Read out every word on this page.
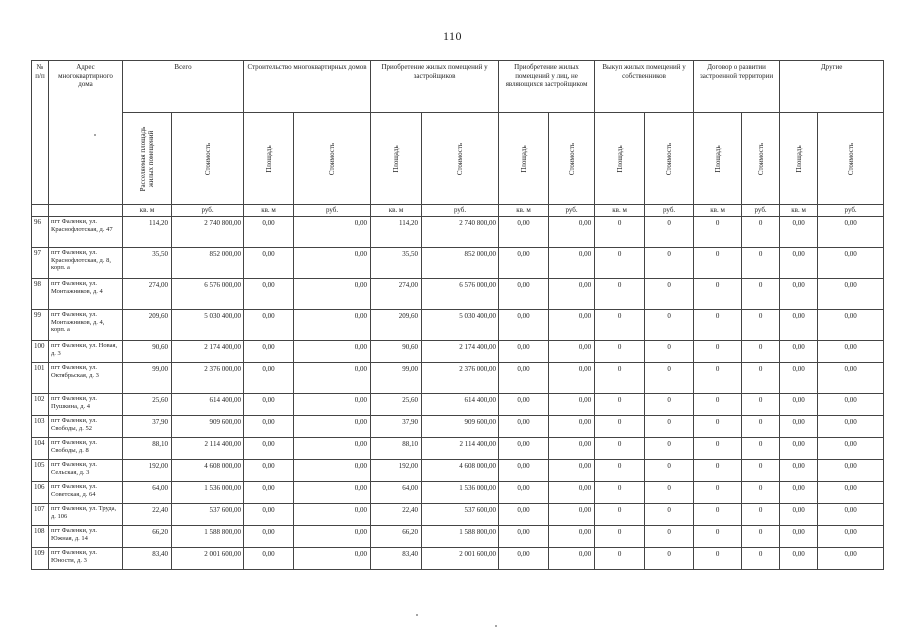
110
№
п/п	Адрес многоквартирного дома	Всего		Строительство многоквартирных домов		Приобретение жилых помещений у застройщиков		Приобретение жилых помещений у лиц, не являющихся застройщиком		Выкуп жилых помещений у собственников		Договор о развитии застроенной территории		Другие	

		Расселяемая площадь жилых помещений	Стоимость	Площадь	Стоимость	Площадь	Стоимость	Площадь	Стоимость	Площадь	Стоимость	Площадь	Стоимость	Площадь	Стоимость

		кв. м	руб.	кв. м	руб.	кв. м	руб.	кв. м	руб.	кв. м	руб.	кв. м	руб.	кв. м	руб.
96	пгт Фаленки, ул. Краснофлотская, д. 47	114,20	2 740 800,00	0,00	0,00	114,20	2 740 800,00	0,00	0,00	0	0	0	0	0,00	0,00
97	пгт Фаленки, ул. Краснофлотская, д. 8, корп. а	35,50	852 000,00	0,00	0,00	35,50	852 000,00	0,00	0,00	0	0	0	0	0,00	0,00
98	пгт Фаленки, ул. Монтажников, д. 4	274,00	6 576 000,00	0,00	0,00	274,00	6 576 000,00	0,00	0,00	0	0	0	0	0,00	0,00
99	пгт Фаленки, ул. Монтажников, д. 4, корп. а	209,60	5 030 400,00	0,00	0,00	209,60	5 030 400,00	0,00	0,00	0	0	0	0	0,00	0,00
100	пгт Фаленки, ул. Новая, д. 3	90,60	2 174 400,00	0,00	0,00	90,60	2 174 400,00	0,00	0,00	0	0	0	0	0,00	0,00
101	пгт Фаленки, ул. Октябрьская, д. 3	99,00	2 376 000,00	0,00	0,00	99,00	2 376 000,00	0,00	0,00	0	0	0	0	0,00	0,00
102	пгт Фаленки, ул. Пушкина, д. 4	25,60	614 400,00	0,00	0,00	25,60	614 400,00	0,00	0,00	0	0	0	0	0,00	0,00
103	пгт Фаленки, ул. Свободы, д. 52	37,90	909 600,00	0,00	0,00	37,90	909 600,00	0,00	0,00	0	0	0	0	0,00	0,00
104	пгт Фаленки, ул. Свободы, д. 8	88,10	2 114 400,00	0,00	0,00	88,10	2 114 400,00	0,00	0,00	0	0	0	0	0,00	0,00
105	пгт Фаленки, ул. Сельская, д. 3	192,00	4 608 000,00	0,00	0,00	192,00	4 608 000,00	0,00	0,00	0	0	0	0	0,00	0,00
106	пгт Фаленки, ул. Советская, д. 64	64,00	1 536 000,00	0,00	0,00	64,00	1 536 000,00	0,00	0,00	0	0	0	0	0,00	0,00
107	пгт Фаленки, ул. Труда, д. 106	22,40	537 600,00	0,00	0,00	22,40	537 600,00	0,00	0,00	0	0	0	0	0,00	0,00
108	пгт Фаленки, ул. Южная, д. 14	66,20	1 588 800,00	0,00	0,00	66,20	1 588 800,00	0,00	0,00	0	0	0	0	0,00	0,00
109	пгт Фаленки, ул. Юности, д. 3	83,40	2 001 600,00	0,00	0,00	83,40	2 001 600,00	0,00	0,00	0	0	0	0	0,00	0,00
